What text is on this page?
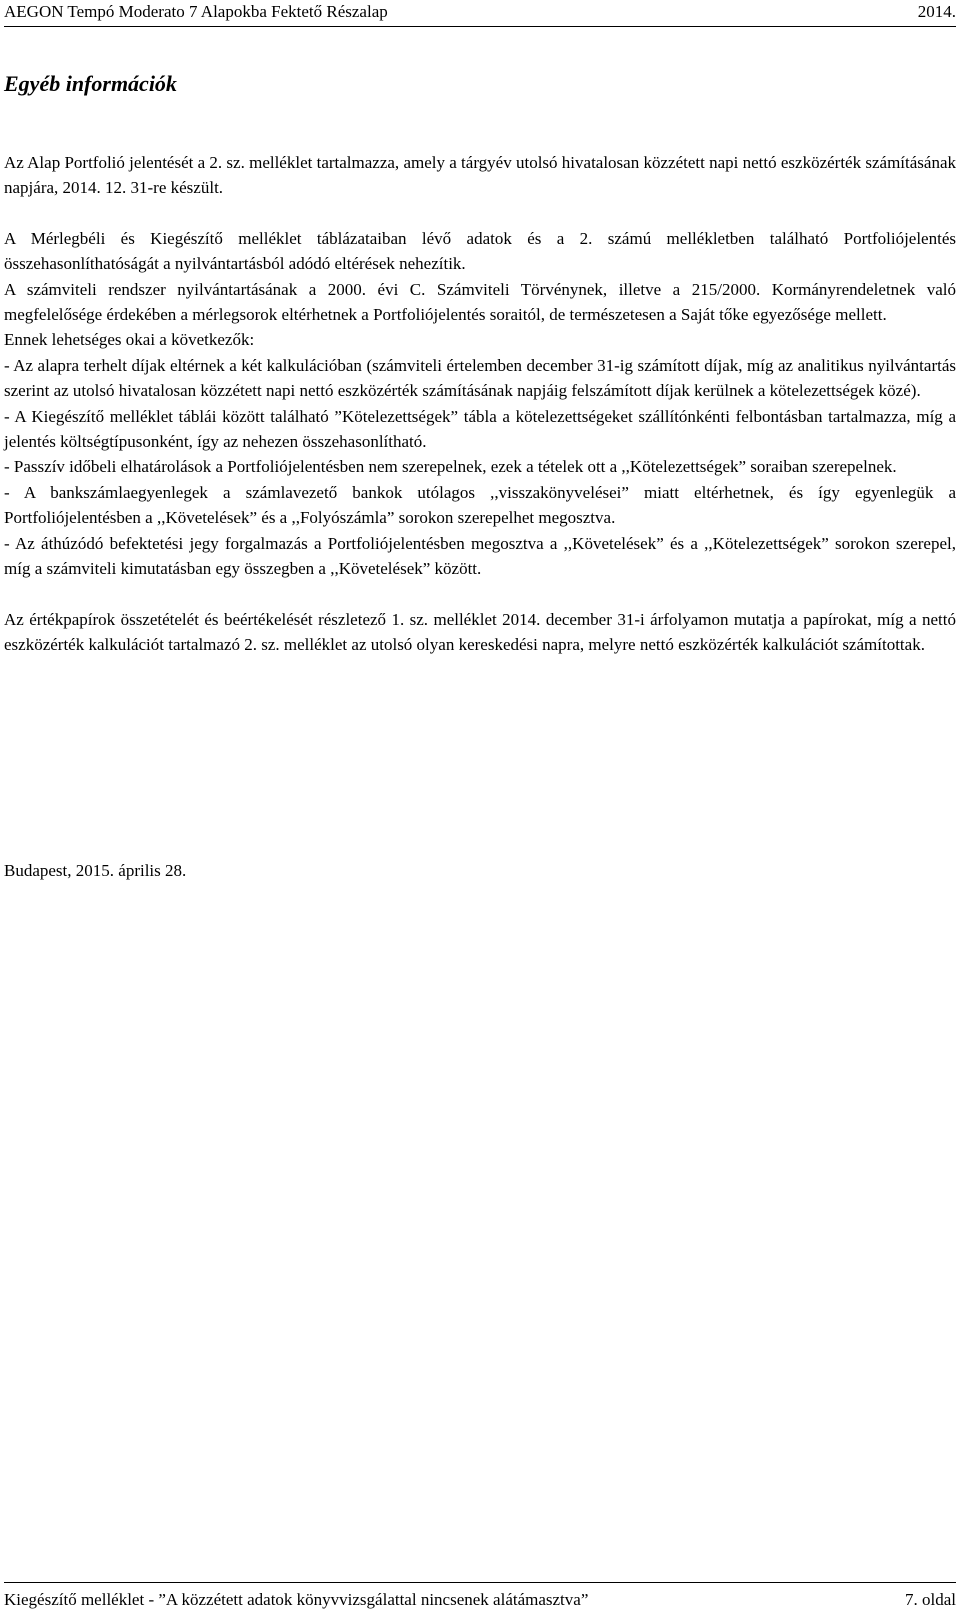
AEGON Tempó Moderato 7 Alapokba Fektető Részalap	2014.
Egyéb információk

Az Alap Portfolió jelentését a 2. sz. melléklet tartalmazza, amely a tárgyév utolsó hivatalosan közzétett napi nettó eszközérték számításának napjára, 2014. 12. 31-re készült.

A Mérlegbéli és Kiegészítő melléklet táblázataiban lévő adatok és a 2. számú mellékletben található Portfoliójelentés összehasonlíthatóságát a nyilvántartásból adódó eltérések nehezítik.

A számviteli rendszer nyilvántartásának a 2000. évi C. Számviteli Törvénynek, illetve a 215/2000. Kormányrendeletnek való megfelelősége érdekében a mérlegsorok eltérhetnek a Portfoliójelentés soraitól, de természetesen a Saját tőke egyezősége mellett.

Ennek lehetséges okai a következők:

- Az alapra terhelt díjak eltérnek a két kalkulációban (számviteli értelemben december 31-ig számított díjak, míg az analitikus nyilvántartás szerint az utolsó hivatalosan közzétett napi nettó eszközérték számításának napjáig felszámított díjak kerülnek a kötelezettségek közé).

- A Kiegészítő melléklet táblái között található ”Kötelezettségek” tábla a kötelezettségeket szállítónkénti felbontásban tartalmazza, míg a jelentés költségtípusonként, így az nehezen összehasonlítható.

- Passzív időbeli elhatárolások a Portfoliójelentésben nem szerepelnek, ezek a tételek ott a ,,Kötelezettségek” soraiban szerepelnek.

- A bankszámlaegyenlegek a számlavezető bankok utólagos ,,visszakönyvelései” miatt eltérhetnek, és így egyenlegük a Portfoliójelentésben a ,,Követelések” és a ,,Folyószámla” sorokon szerepelhet megosztva.

- Az áthúzódó befektetési jegy forgalmazás a Portfoliójelentésben megosztva a ,,Követelések” és a ,,Kötelezettségek” sorokon szerepel, míg a számviteli kimutatásban egy összegben a ,,Követelések” között.

Az értékpapírok összetételét és beértékelését részletező 1. sz. melléklet 2014. december 31-i árfolyamon mutatja a papírokat, míg a nettó eszközérték kalkulációt tartalmazó 2. sz. melléklet az utolsó olyan kereskedési napra, melyre nettó eszközérték kalkulációt számítottak.

Budapest, 2015. április 28.
Kiegészítő melléklet - ”A közzétett adatok könyvvizsgálattal nincsenek alátámasztva”	7. oldal
